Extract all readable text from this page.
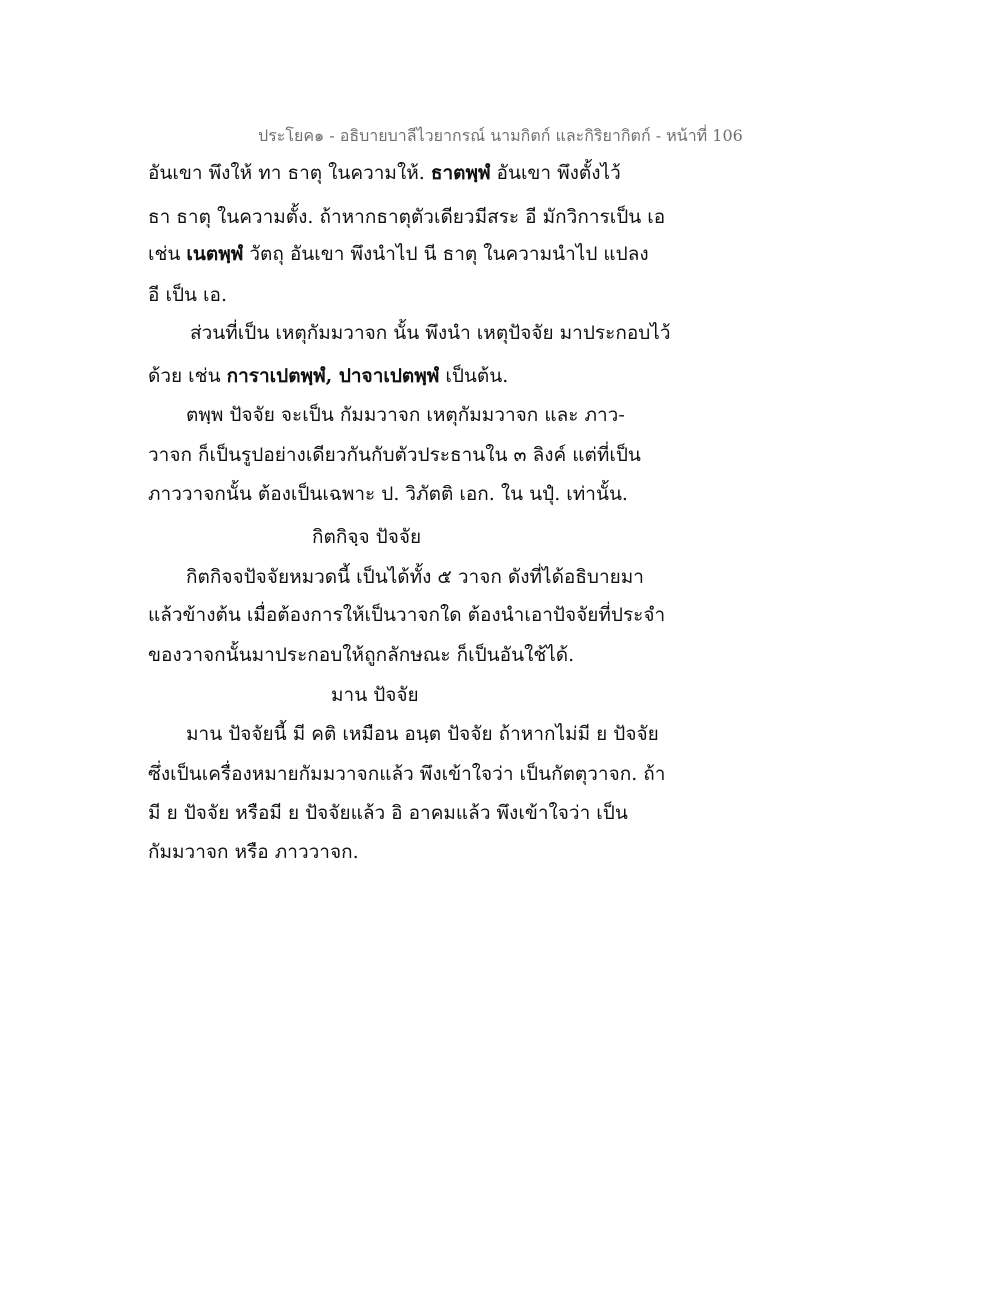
ประโยค๑ - อธิบายบาลีไวยากรณ์ นามกิตก์ และกิริยากิตก์ - หน้าที่ 106
อันเขา พึงให้ ทา ธาตุ ในความให้. ธาตพฺพํ อันเขา พึงตั้งไว้
ธา ธาตุ ในความตั้ง. ถ้าหากธาตุตัวเดียวมีสระ อี มักวิการเป็น เอ
เช่น เนตพฺพํ วัตถุ อันเขา พึงนำไป นี ธาตุ ในความนำไป แปลง
อี เป็น เอ.
ส่วนที่เป็น เหตุกัมมวาจก นั้น พึงนำ เหตุปัจจัย มาประกอบไว้
ด้วย เช่น การาเปตพฺพํ, ปาจาเปตพฺพํ เป็นต้น.
ตพฺพ ปัจจัย จะเป็น กัมมวาจก เหตุกัมมวาจก และ ภาว-
วาจก ก็เป็นรูปอย่างเดียวกันกับตัวประธานใน ๓ ลิงค์ แต่ที่เป็น
ภาววาจกนั้น ต้องเป็นเฉพาะ ป. วิภัตติ เอก. ใน นปุํ. เท่านั้น.
กิตกิจฺจ ปัจจัย
กิตกิจจปัจจัยหมวดนี้ เป็นได้ทั้ง ๕ วาจก ดังที่ได้อธิบายมา
แล้วข้างต้น เมื่อต้องการให้เป็นวาจกใด ต้องนำเอาปัจจัยที่ประจำ
ของวาจกนั้นมาประกอบให้ถูกลักษณะ ก็เป็นอันใช้ได้.
มาน ปัจจัย
มาน ปัจจัยนี้ มี คติ เหมือน อนฺต ปัจจัย ถ้าหากไม่มี ย ปัจจัย
ซึ่งเป็นเครื่องหมายกัมมวาจกแล้ว พึงเข้าใจว่า เป็นกัตตุวาจก. ถ้า
มี ย ปัจจัย หรือมี ย ปัจจัยแล้ว อิ อาคมแล้ว พึงเข้าใจว่า เป็น
กัมมวาจก หรือ ภาววาจก.
